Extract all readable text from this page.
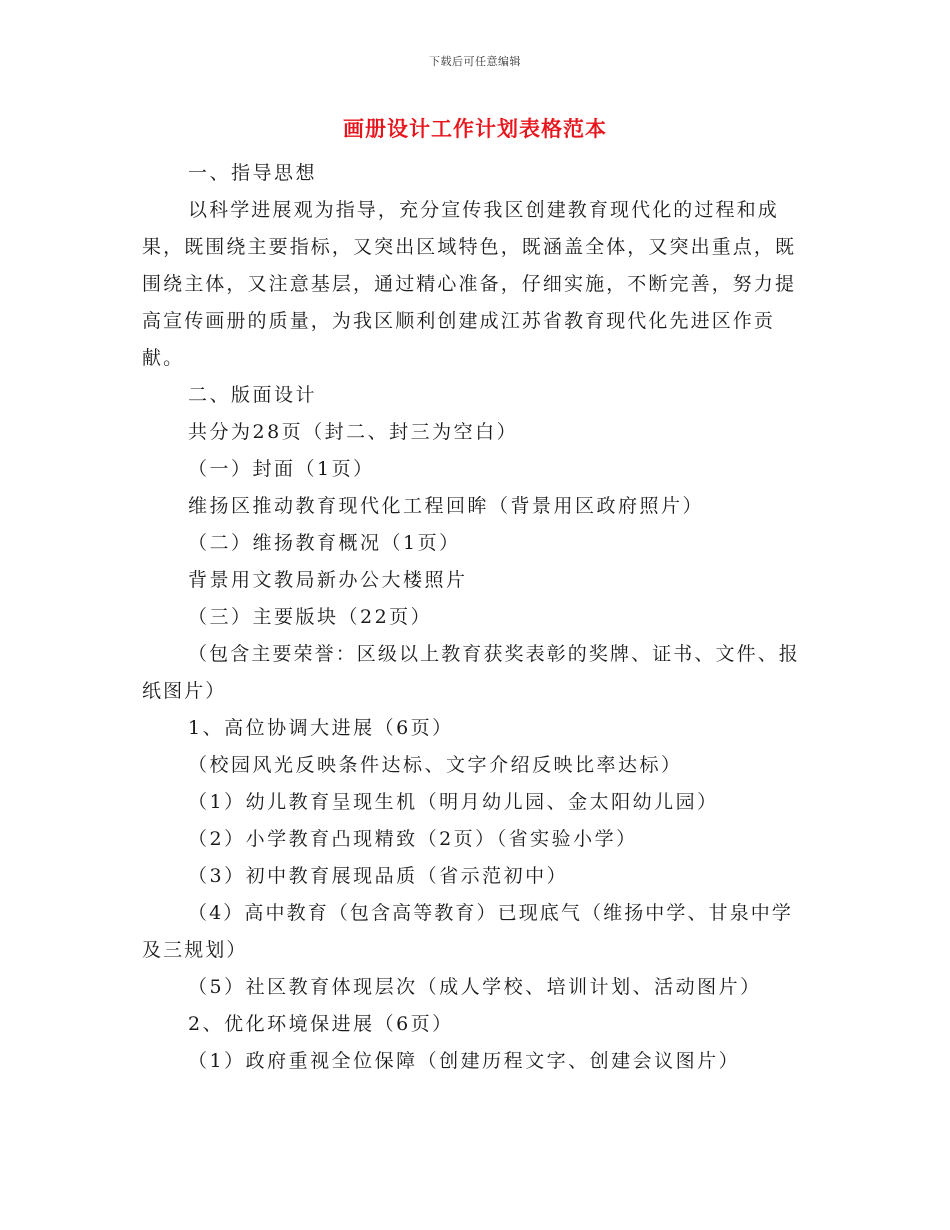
下载后可任意编辑
画册设计工作计划表格范本

一、指导思想

以科学进展观为指导，充分宣传我区创建教育现代化的过程和成果，既围绕主要指标，又突出区域特色，既涵盖全体，又突出重点，既围绕主体，又注意基层，通过精心准备，仔细实施，不断完善，努力提高宣传画册的质量，为我区顺利创建成江苏省教育现代化先进区作贡献。

二、版面设计

共分为28页（封二、封三为空白）

（一）封面（1页）

维扬区推动教育现代化工程回眸（背景用区政府照片）

（二）维扬教育概况（1页）

背景用文教局新办公大楼照片

（三）主要版块（22页）

（包含主要荣誉：区级以上教育获奖表彰的奖牌、证书、文件、报纸图片）

1、高位协调大进展（6页）

（校园风光反映条件达标、文字介绍反映比率达标）

（1）幼儿教育呈现生机（明月幼儿园、金太阳幼儿园）

（2）小学教育凸现精致（2页）（省实验小学）

（3）初中教育展现品质（省示范初中）

（4）高中教育（包含高等教育）已现底气（维扬中学、甘泉中学及三规划）

（5）社区教育体现层次（成人学校、培训计划、活动图片）

2、优化环境保进展（6页）

（1）政府重视全位保障（创建历程文字、创建会议图片）
